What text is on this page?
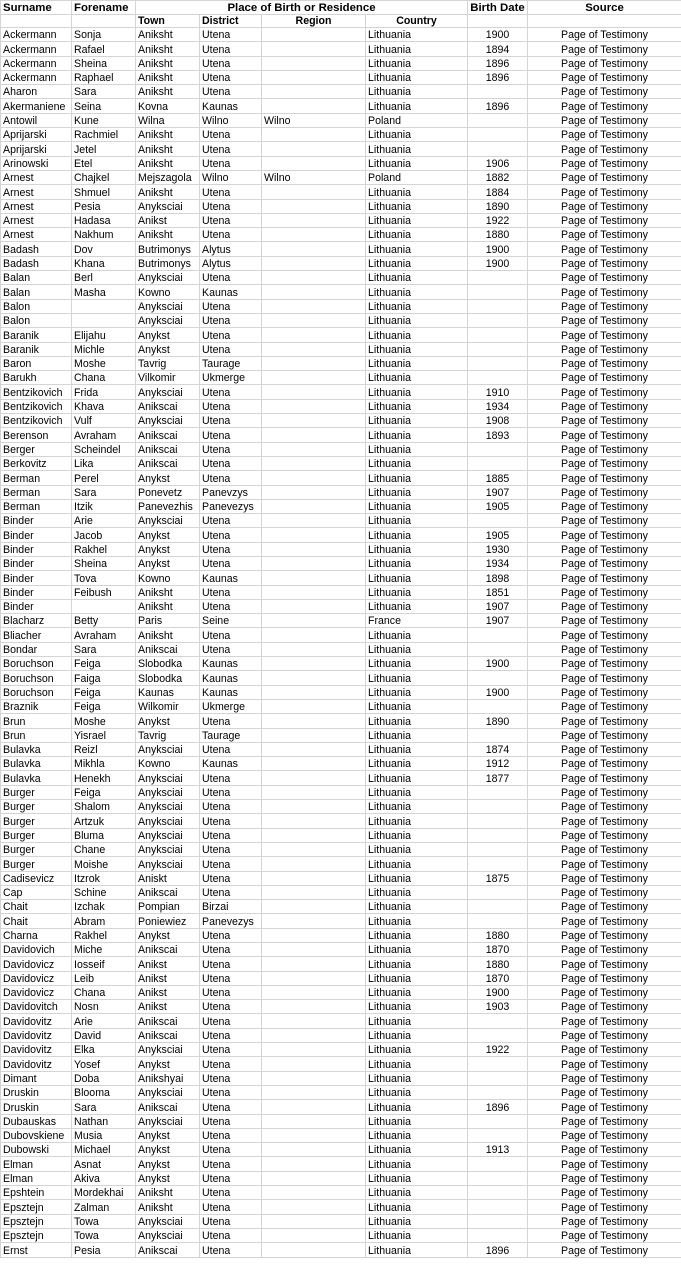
Surname	Forename	Place of Birth or Residence				Birth Date	Source
		Town	District	Region	Country		
Ackermann	Sonja	Aniksht	Utena		Lithuania	1900	Page of Testimony
Ackermann	Rafael	Aniksht	Utena		Lithuania	1894	Page of Testimony
Ackermann	Sheina	Aniksht	Utena		Lithuania	1896	Page of Testimony
Ackermann	Raphael	Aniksht	Utena		Lithuania	1896	Page of Testimony
Aharon	Sara	Aniksht	Utena		Lithuania		Page of Testimony
Akermaniene	Seina	Kovna	Kaunas		Lithuania	1896	Page of Testimony
Antowil	Kune	Wilna	Wilno	Wilno	Poland		Page of Testimony
Aprijarski	Rachmiel	Aniksht	Utena		Lithuania		Page of Testimony
Aprijarski	Jetel	Aniksht	Utena		Lithuania		Page of Testimony
Arinowski	Etel	Aniksht	Utena		Lithuania	1906	Page of Testimony
Arnest	Chajkel	Mejszagola	Wilno	Wilno	Poland	1882	Page of Testimony
Arnest	Shmuel	Aniksht	Utena		Lithuania	1884	Page of Testimony
Arnest	Pesia	Anyksciai	Utena		Lithuania	1890	Page of Testimony
Arnest	Hadasa	Anikst	Utena		Lithuania	1922	Page of Testimony
Arnest	Nakhum	Aniksht	Utena		Lithuania	1880	Page of Testimony
Badash	Dov	Butrimonys	Alytus		Lithuania	1900	Page of Testimony
Badash	Khana	Butrimonys	Alytus		Lithuania	1900	Page of Testimony
Balan	Berl	Anyksciai	Utena		Lithuania		Page of Testimony
Balan	Masha	Kowno	Kaunas		Lithuania		Page of Testimony
Balon		Anyksciai	Utena		Lithuania		Page of Testimony
Balon		Anyksciai	Utena		Lithuania		Page of Testimony
Baranik	Elijahu	Anykst	Utena		Lithuania		Page of Testimony
Baranik	Michle	Anykst	Utena		Lithuania		Page of Testimony
Baron	Moshe	Tavrig	Taurage		Lithuania		Page of Testimony
Barukh	Chana	Vilkomir	Ukmerge		Lithuania		Page of Testimony
Bentzikovich	Frida	Anyksciai	Utena		Lithuania	1910	Page of Testimony
Bentzikovich	Khava	Anikscai	Utena		Lithuania	1934	Page of Testimony
Bentzikovich	Vulf	Anyksciai	Utena		Lithuania	1908	Page of Testimony
Berenson	Avraham	Anikscai	Utena		Lithuania	1893	Page of Testimony
Berger	Scheindel	Anikscai	Utena		Lithuania		Page of Testimony
Berkovitz	Lika	Anikscai	Utena		Lithuania		Page of Testimony
Berman	Perel	Anykst	Utena		Lithuania	1885	Page of Testimony
Berman	Sara	Ponevetz	Panevzys		Lithuania	1907	Page of Testimony
Berman	Itzik	Panevezhis	Panevezys		Lithuania	1905	Page of Testimony
Binder	Arie	Anyksciai	Utena		Lithuania		Page of Testimony
Binder	Jacob	Anykst	Utena		Lithuania	1905	Page of Testimony
Binder	Rakhel	Anykst	Utena		Lithuania	1930	Page of Testimony
Binder	Sheina	Anykst	Utena		Lithuania	1934	Page of Testimony
Binder	Tova	Kowno	Kaunas		Lithuania	1898	Page of Testimony
Binder	Feibush	Aniksht	Utena		Lithuania	1851	Page of Testimony
Binder		Aniksht	Utena		Lithuania	1907	Page of Testimony
Blacharz	Betty	Paris	Seine		France	1907	Page of Testimony
Bliacher	Avraham	Aniksht	Utena		Lithuania		Page of Testimony
Bondar	Sara	Anikscai	Utena		Lithuania		Page of Testimony
Boruchson	Feiga	Slobodka	Kaunas		Lithuania	1900	Page of Testimony
Boruchson	Faiga	Slobodka	Kaunas		Lithuania		Page of Testimony
Boruchson	Feiga	Kaunas	Kaunas		Lithuania	1900	Page of Testimony
Braznik	Feiga	Wilkomir	Ukmerge		Lithuania		Page of Testimony
Brun	Moshe	Anykst	Utena		Lithuania	1890	Page of Testimony
Brun	Yisrael	Tavrig	Taurage		Lithuania		Page of Testimony
Bulavka	Reizl	Anyksciai	Utena		Lithuania	1874	Page of Testimony
Bulavka	Mikhla	Kowno	Kaunas		Lithuania	1912	Page of Testimony
Bulavka	Henekh	Anyksciai	Utena		Lithuania	1877	Page of Testimony
Burger	Feiga	Anyksciai	Utena		Lithuania		Page of Testimony
Burger	Shalom	Anyksciai	Utena		Lithuania		Page of Testimony
Burger	Artzuk	Anyksciai	Utena		Lithuania		Page of Testimony
Burger	Bluma	Anyksciai	Utena		Lithuania		Page of Testimony
Burger	Chane	Anyksciai	Utena		Lithuania		Page of Testimony
Burger	Moishe	Anyksciai	Utena		Lithuania		Page of Testimony
Cadisevicz	Itzrok	Aniskt	Utena		Lithuania	1875	Page of Testimony
Cap	Schine	Anikscai	Utena		Lithuania		Page of Testimony
Chait	Izchak	Pompian	Birzai		Lithuania		Page of Testimony
Chait	Abram	Poniewiez	Panevezys		Lithuania		Page of Testimony
Charna	Rakhel	Anykst	Utena		Lithuania	1880	Page of Testimony
Davidovich	Miche	Anikscai	Utena		Lithuania	1870	Page of Testimony
Davidovicz	Iosseif	Anikst	Utena		Lithuania	1880	Page of Testimony
Davidovicz	Leib	Anikst	Utena		Lithuania	1870	Page of Testimony
Davidovicz	Chana	Anikst	Utena		Lithuania	1900	Page of Testimony
Davidovitch	Nosn	Anikst	Utena		Lithuania	1903	Page of Testimony
Davidovitz	Arie	Anikscai	Utena		Lithuania		Page of Testimony
Davidovitz	David	Anikscai	Utena		Lithuania		Page of Testimony
Davidovitz	Elka	Anyksciai	Utena		Lithuania	1922	Page of Testimony
Davidovitz	Yosef	Anykst	Utena		Lithuania		Page of Testimony
Dimant	Doba	Anikshyai	Utena		Lithuania		Page of Testimony
Druskin	Blooma	Anyksciai	Utena		Lithuania		Page of Testimony
Druskin	Sara	Anikscai	Utena		Lithuania	1896	Page of Testimony
Dubauskas	Nathan	Anyksciai	Utena		Lithuania		Page of Testimony
Dubovskiene	Musia	Anykst	Utena		Lithuania		Page of Testimony
Dubowski	Michael	Anykst	Utena		Lithuania	1913	Page of Testimony
Elman	Asnat	Anykst	Utena		Lithuania		Page of Testimony
Elman	Akiva	Anykst	Utena		Lithuania		Page of Testimony
Epshtein	Mordekhai	Aniksht	Utena		Lithuania		Page of Testimony
Epsztejn	Zalman	Aniksht	Utena		Lithuania		Page of Testimony
Epsztejn	Towa	Anyksciai	Utena		Lithuania		Page of Testimony
Epsztejn	Towa	Anyksciai	Utena		Lithuania		Page of Testimony
Ernst	Pesia	Anikscai	Utena		Lithuania	1896	Page of Testimony
